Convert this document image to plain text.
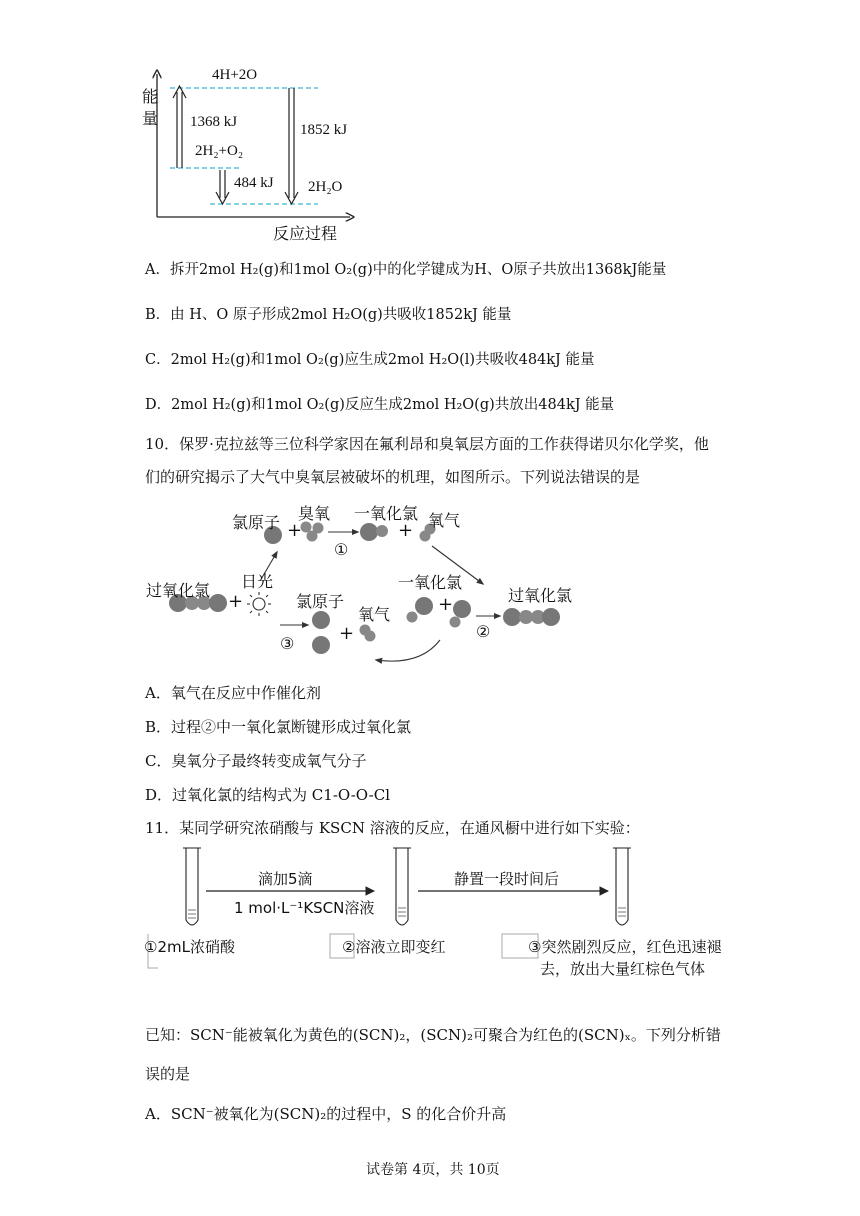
能
量
4H+2O
1368 kJ
2H₂+O₂
1852 kJ
484 kJ 2H₂O
反应过程
A．拆开2mol H₂(g)和1mol O₂(g)中的化学键成为H、O原子共放出1368kJ能量
B．由 H、O 原子形成2mol H₂O(g)共吸收1852kJ 能量
C．2mol H₂(g)和1mol O₂(g)应生成2mol H₂O(l)共吸收484kJ 能量
D．2mol H₂(g)和1mol O₂(g)反应生成2mol H₂O(g)共放出484kJ 能量
10．保罗·克拉兹等三位科学家因在氟利昂和臭氧层方面的工作获得诺贝尔化学奖，他
们的研究揭示了大气中臭氧层被破坏的机理，如图所示。下列说法错误的是
氯原子 臭氧 一氧化氯
+	+ 氧气
①
过氧化氯
+
日光
③
氯原子
+
氧气
一氧化氯
+
②
过氧化氯
A．氧气在反应中作催化剂
B．过程②中一氧化氯断键形成过氧化氯
C．臭氧分子最终转变成氧气分子
D．过氧化氯的结构式为 C1-O-O-Cl
11．某同学研究浓硝酸与 KSCN 溶液的反应，在通风橱中进行如下实验：
滴加5滴
1 mol·L⁻¹KSCN溶液
静置一段时间后
①2mL浓硝酸	②溶液立即变红	③突然剧烈反应，红色迅速褪
去，放出大量红棕色气体
已知：SCN⁻能被氧化为黄色的(SCN)₂，(SCN)₂可聚合为红色的(SCN)ₓ。下列分析错
误的是
A．SCN⁻被氧化为(SCN)₂的过程中，S 的化合价升高
试卷第 4页，共 10页
